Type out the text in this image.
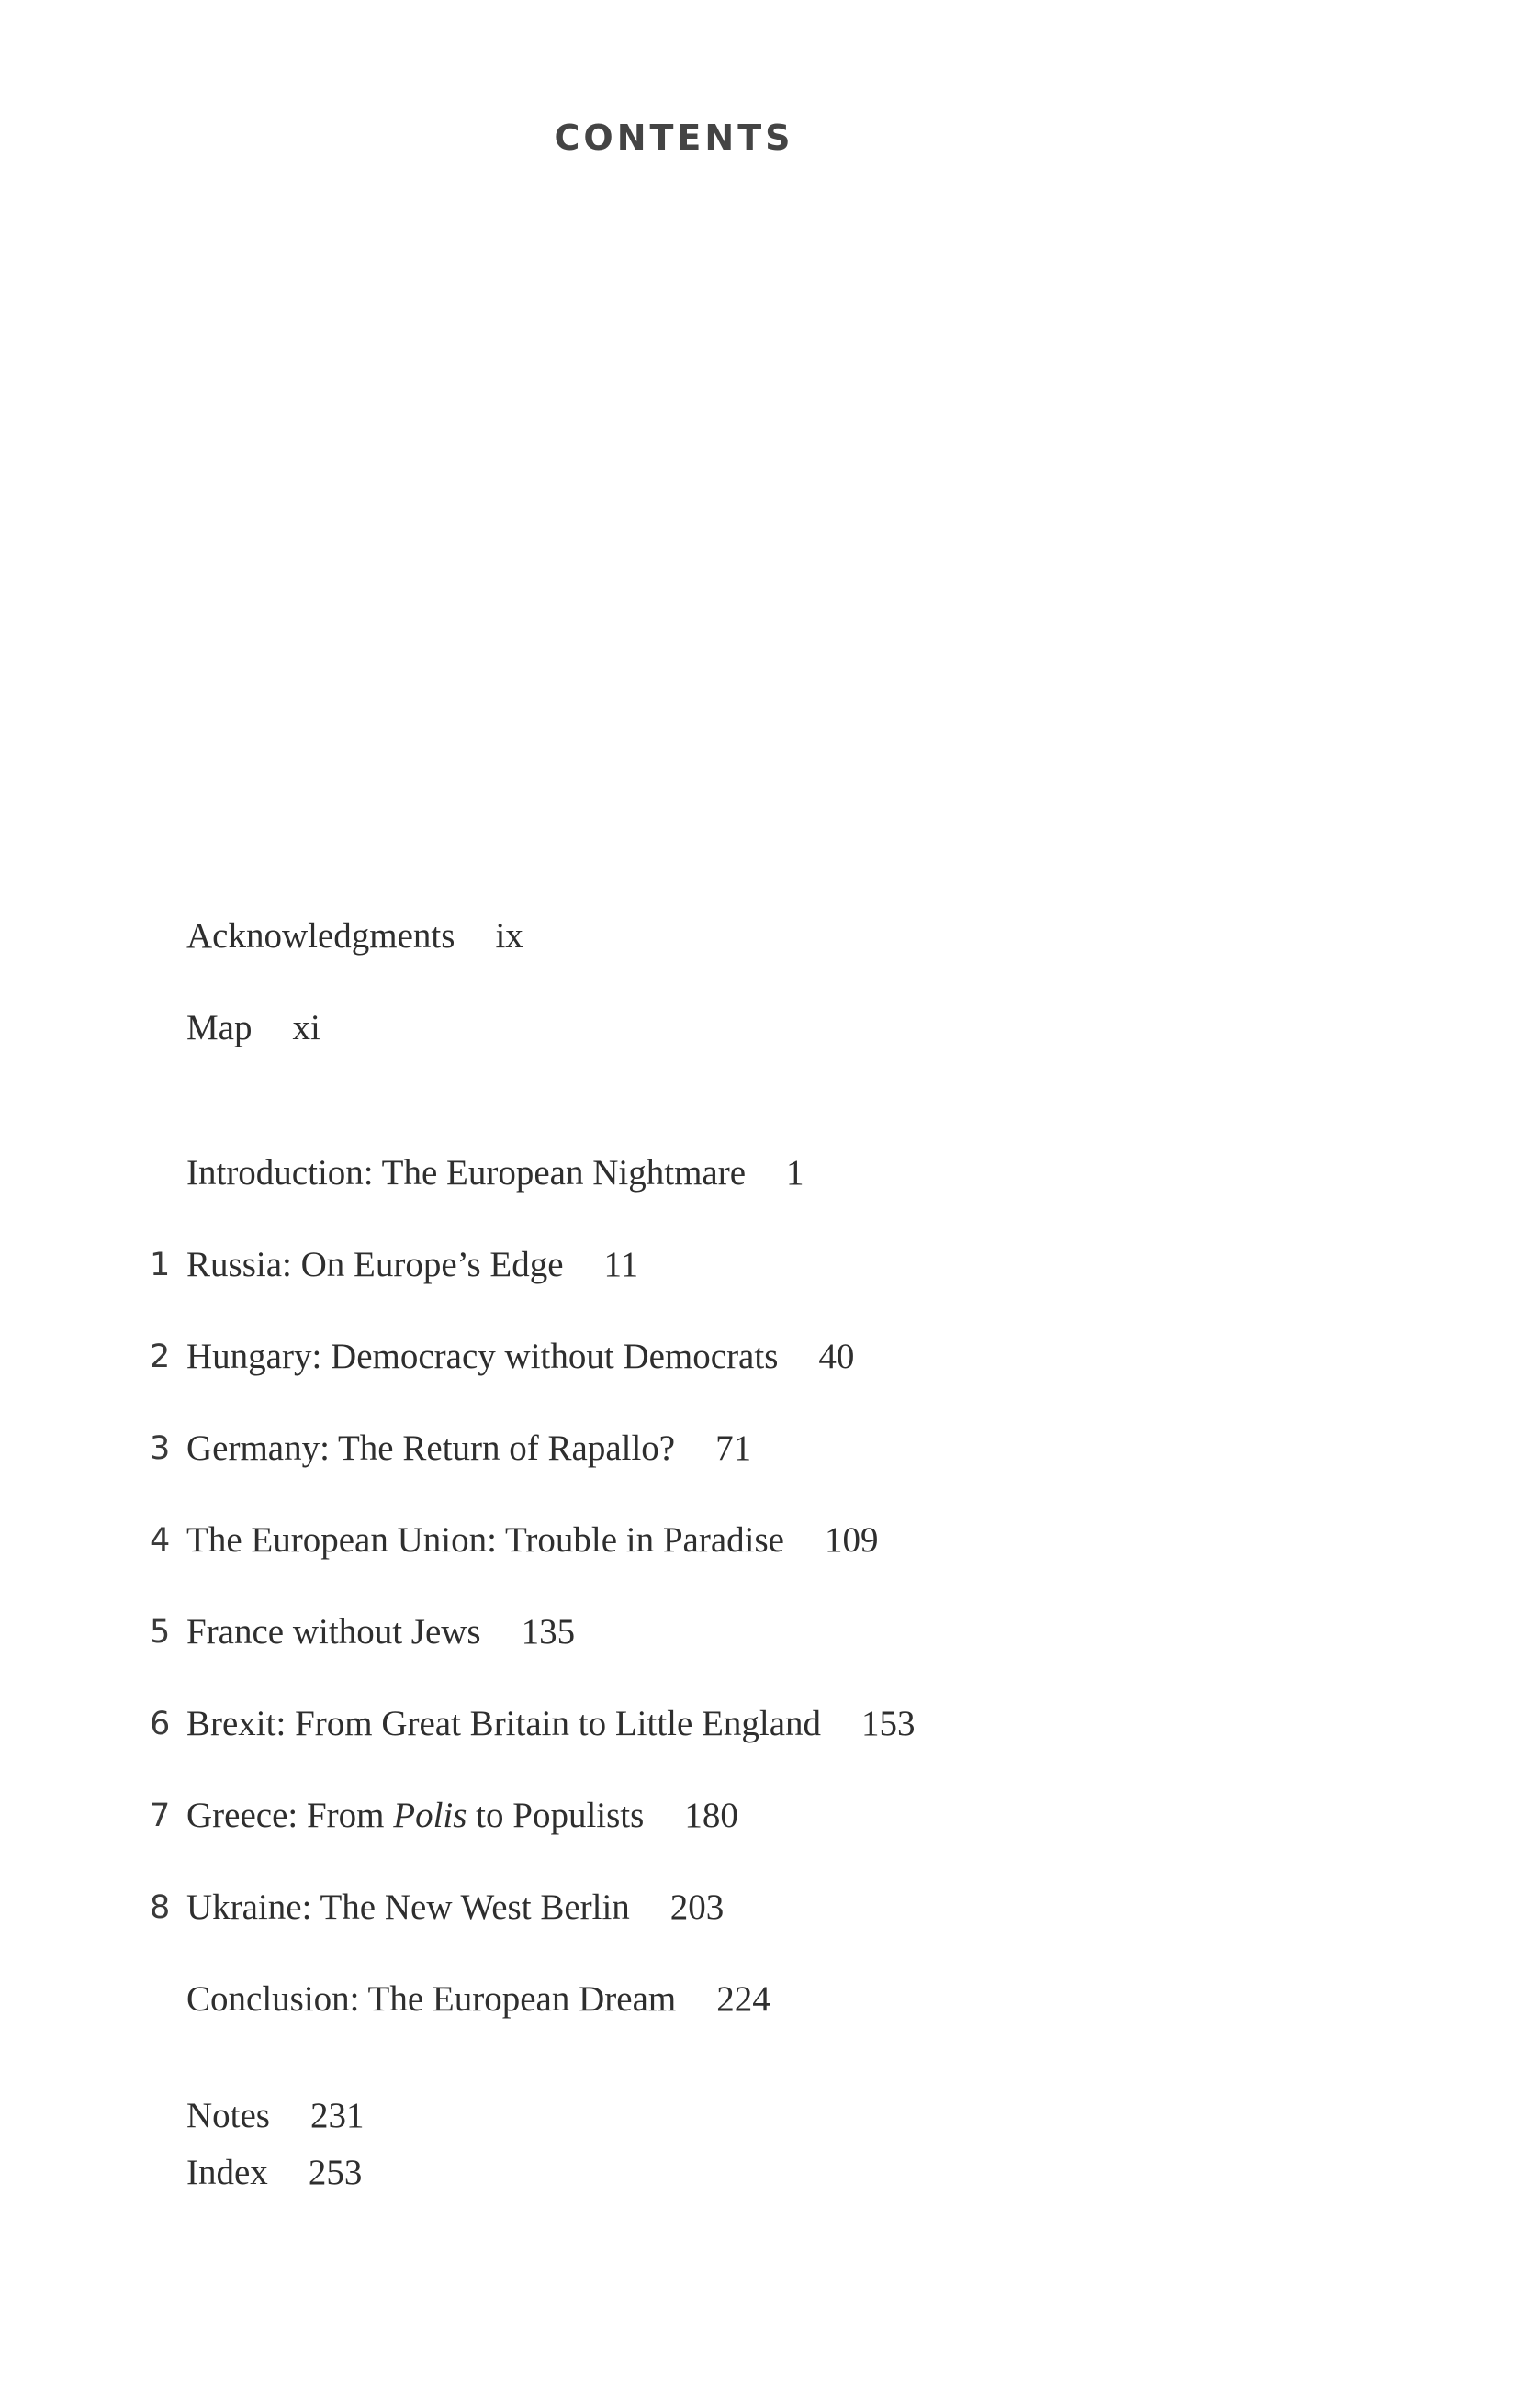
CONTENTS
Acknowledgments ix
Map xi
Introduction: The European Nightmare 1
1 Russia: On Europe’s Edge 11
2 Hungary: Democracy without Democrats 40
3 Germany: The Return of Rapallo? 71
4 The European Union: Trouble in Paradise 109
5 France without Jews 135
6 Brexit: From Great Britain to Little England 153
7 Greece: From Polis to Populists 180
8 Ukraine: The New West Berlin 203
Conclusion: The European Dream 224
Notes 231
Index 253
